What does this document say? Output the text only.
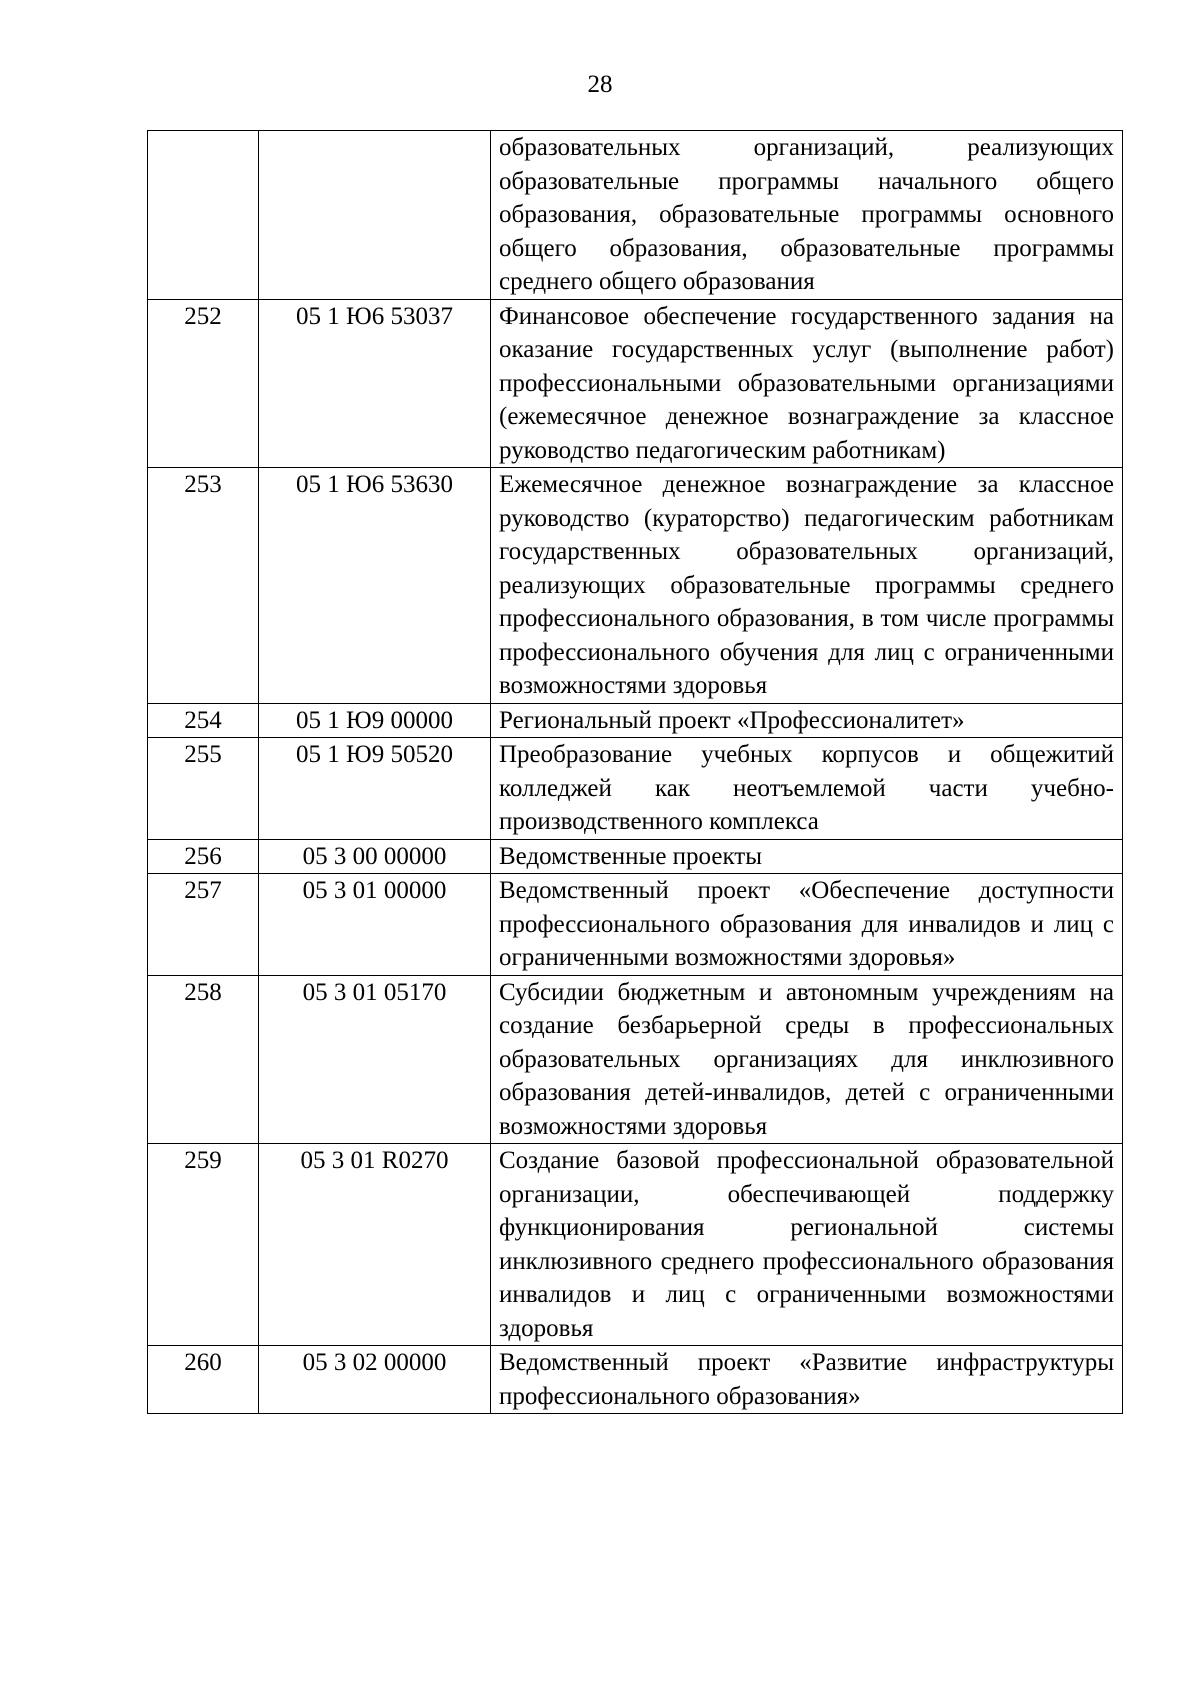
28
		образовательных организаций, реализующих образовательные программы начального общего образования, образовательные программы основного общего образования, образовательные программы среднего общего образования
252	05 1 Ю6 53037	Финансовое обеспечение государственного задания на оказание государственных услуг (выполнение работ) профессиональными образовательными организациями (ежемесячное денежное вознаграждение за классное руководство педагогическим работникам)
253	05 1 Ю6 53630	Ежемесячное денежное вознаграждение за классное руководство (кураторство) педагогическим работникам государственных образовательных организаций, реализующих образовательные программы среднего профессионального образования, в том числе программы профессионального обучения для лиц с ограниченными возможностями здоровья
254	05 1 Ю9 00000	Региональный проект «Профессионалитет»
255	05 1 Ю9 50520	Преобразование учебных корпусов и общежитий колледжей как неотъемлемой части учебно-производственного комплекса
256	05 3 00 00000	Ведомственные проекты
257	05 3 01 00000	Ведомственный проект «Обеспечение доступности профессионального образования для инвалидов и лиц с ограниченными возможностями здоровья»
258	05 3 01 05170	Субсидии бюджетным и автономным учреждениям на создание безбарьерной среды в профессиональных образовательных организациях для инклюзивного образования детей-инвалидов, детей с ограниченными возможностями здоровья
259	05 3 01 R0270	Создание базовой профессиональной образовательной организации, обеспечивающей поддержку функционирования региональной системы инклюзивного среднего профессионального образования инвалидов и лиц с ограниченными возможностями здоровья
260	05 3 02 00000	Ведомственный проект «Развитие инфраструктуры профессионального образования»
